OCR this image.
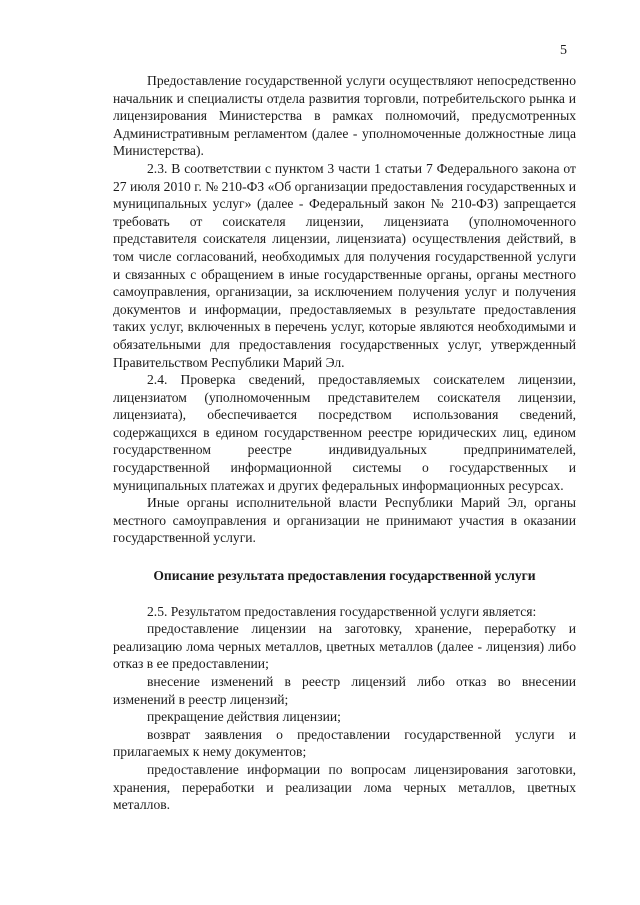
5

Предоставление государственной услуги осуществляют непосредственно начальник и специалисты отдела развития торговли, потребительского рынка и лицензирования Министерства в рамках полномочий, предусмотренных Административным регламентом (далее - уполномоченные должностные лица Министерства).

2.3. В соответствии с пунктом 3 части 1 статьи 7 Федерального закона от 27 июля 2010 г. № 210-ФЗ «Об организации предоставления государственных и муниципальных услуг» (далее - Федеральный закон № 210-ФЗ) запрещается требовать от соискателя лицензии, лицензиата (уполномоченного представителя соискателя лицензии, лицензиата) осуществления действий, в том числе согласований, необходимых для получения государственной услуги и связанных с обращением в иные государственные органы, органы местного самоуправления, организации, за исключением получения услуг и получения документов и информации, предоставляемых в результате предоставления таких услуг, включенных в перечень услуг, которые являются необходимыми и обязательными для предоставления государственных услуг, утвержденный Правительством Республики Марий Эл.

2.4. Проверка сведений, предоставляемых соискателем лицензии, лицензиатом (уполномоченным представителем соискателя лицензии, лицензиата), обеспечивается посредством использования сведений, содержащихся в едином государственном реестре юридических лиц, едином государственном реестре индивидуальных предпринимателей, государственной информационной системы о государственных и муниципальных платежах и других федеральных информационных ресурсах.

Иные органы исполнительной власти Республики Марий Эл, органы местного самоуправления и организации не принимают участия в оказании государственной услуги.

Описание результата предоставления государственной услуги

2.5. Результатом предоставления государственной услуги является:

предоставление лицензии на заготовку, хранение, переработку и реализацию лома черных металлов, цветных металлов (далее - лицензия) либо отказ в ее предоставлении;

внесение изменений в реестр лицензий либо отказ во внесении изменений в реестр лицензий;

прекращение действия лицензии;

возврат заявления о предоставлении государственной услуги и прилагаемых к нему документов;

предоставление информации по вопросам лицензирования заготовки, хранения, переработки и реализации лома черных металлов, цветных металлов.
